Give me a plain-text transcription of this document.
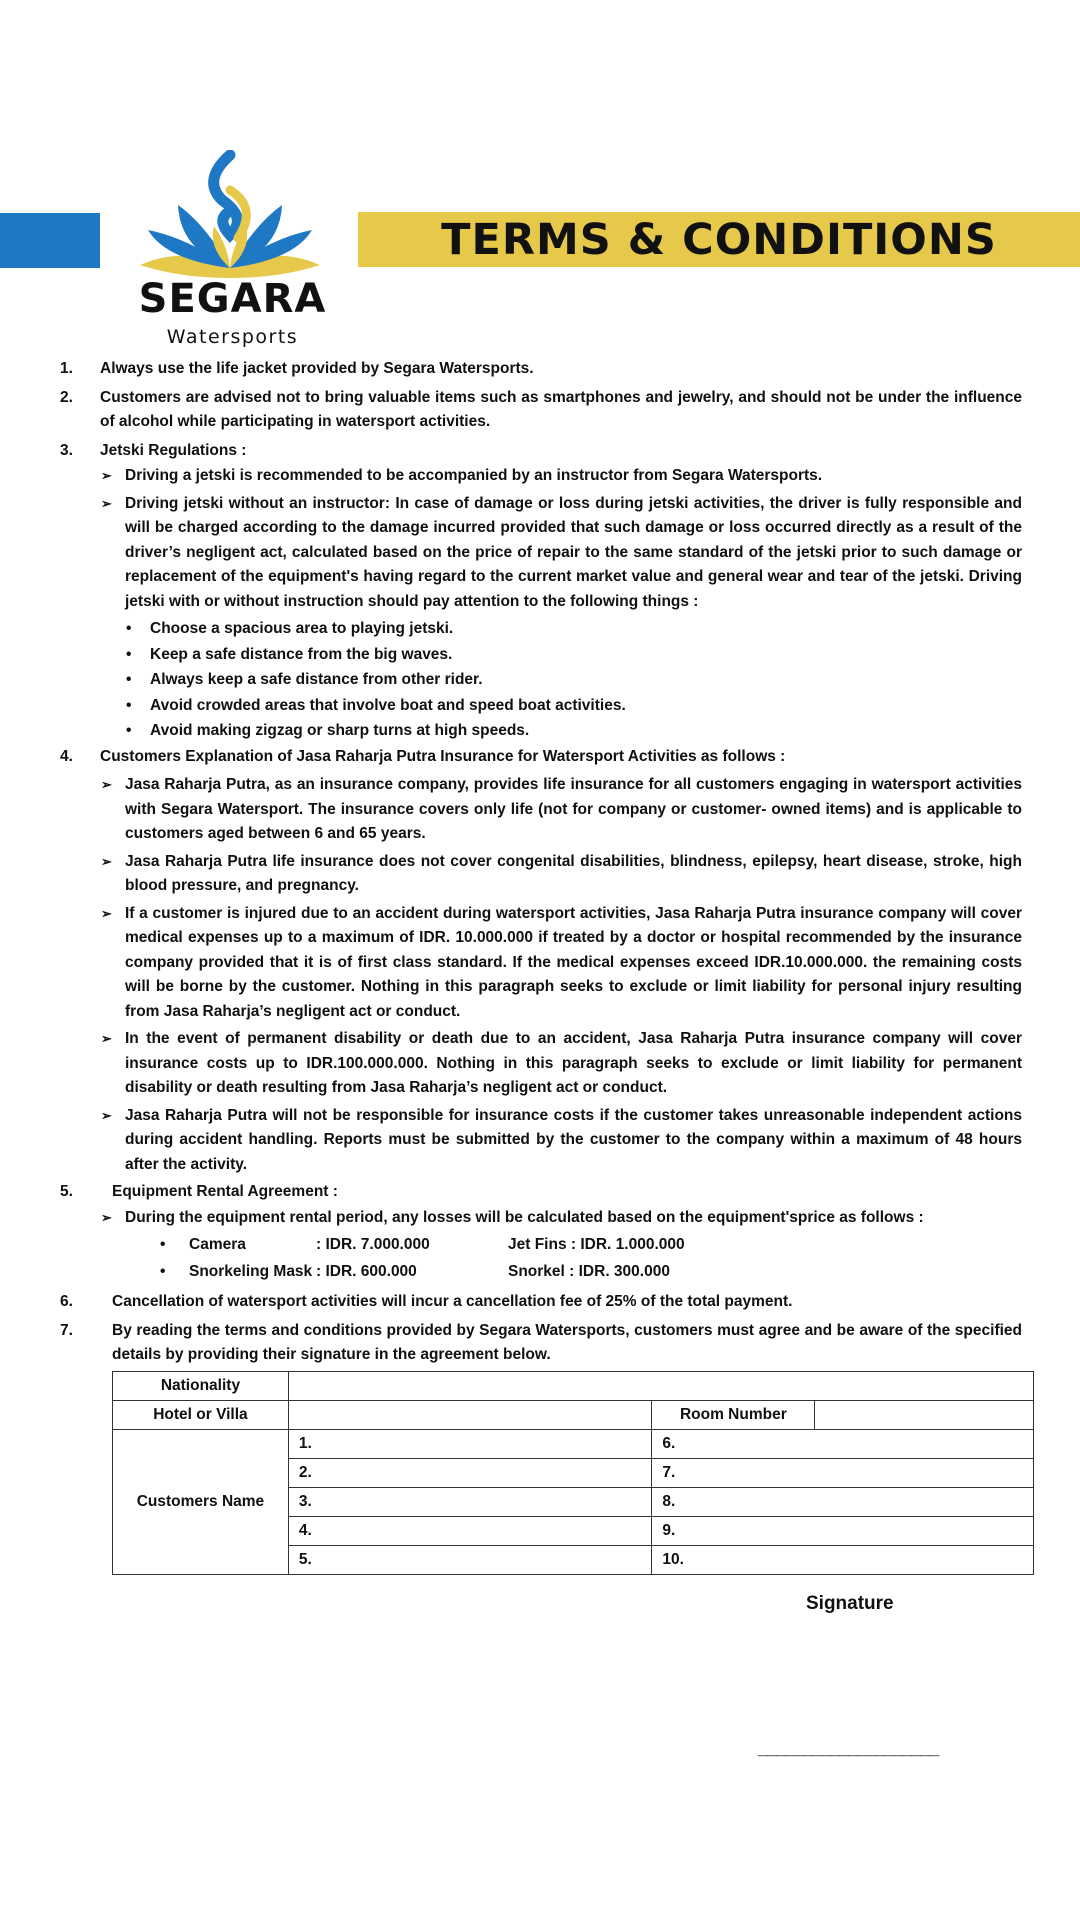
TERMS & CONDITIONS
SEGARA
Watersports
1. Always use the life jacket provided by Segara Watersports.
2. Customers are advised not to bring valuable items such as smartphones and jewelry, and should not be under the influence of alcohol while participating in watersport activities.
3. Jetski Regulations :
➢ Driving a jetski is recommended to be accompanied by an instructor from Segara Watersports.
➢ Driving jetski without an instructor: In case of damage or loss during jetski activities, the driver is fully responsible and will be charged according to the damage incurred provided that such damage or loss occurred directly as a result of the driver’s negligent act, calculated based on the price of repair to the same standard of the jetski prior to such damage or replacement of the equipment's having regard to the current market value and general wear and tear of the jetski. Driving jetski with or without instruction should pay attention to the following things :
• Choose a spacious area to playing jetski.
• Keep a safe distance from the big waves.
• Always keep a safe distance from other rider.
• Avoid crowded areas that involve boat and speed boat activities.
• Avoid making zigzag or sharp turns at high speeds.
4. Customers Explanation of Jasa Raharja Putra Insurance for Watersport Activities as follows :
➢ Jasa Raharja Putra, as an insurance company, provides life insurance for all customers engaging in watersport activities with Segara Watersport. The insurance covers only life (not for company or customer- owned items) and is applicable to customers aged between 6 and 65 years.
➢ Jasa Raharja Putra life insurance does not cover congenital disabilities, blindness, epilepsy, heart disease, stroke, high blood pressure, and pregnancy.
➢ If a customer is injured due to an accident during watersport activities, Jasa Raharja Putra insurance company will cover medical expenses up to a maximum of IDR. 10.000.000 if treated by a doctor or hospital recommended by the insurance company provided that it is of first class standard. If the medical expenses exceed IDR.10.000.000. the remaining costs will be borne by the customer. Nothing in this paragraph seeks to exclude or limit liability for personal injury resulting from Jasa Raharja’s negligent act or conduct.
➢ In the event of permanent disability or death due to an accident, Jasa Raharja Putra insurance company will cover insurance costs up to IDR.100.000.000. Nothing in this paragraph seeks to exclude or limit liability for permanent disability or death resulting from Jasa Raharja’s negligent act or conduct.
➢ Jasa Raharja Putra will not be responsible for insurance costs if the customer takes unreasonable independent actions during accident handling. Reports must be submitted by the customer to the company within a maximum of 48 hours after the activity.
5.	Equipment Rental Agreement :
➢ During the equipment rental period, any losses will be calculated based on the equipment'sprice as follows :
• Camera	: IDR. 7.000.000	Jet Fins : IDR. 1.000.000
• Snorkeling Mask : IDR. 600.000	Snorkel : IDR. 300.000
6.	Cancellation of watersport activities will incur a cancellation fee of 25% of the total payment.
7.	By reading the terms and conditions provided by Segara Watersports, customers must agree and be aware of the specified details by providing their signature in the agreement below.
Nationality			
Hotel or Villa		Room Number	
Customers Name	1.	6.	
	2.	7.	
	3.	8.	
	4.	9.	
	5.	10.	
Signature
____________________
